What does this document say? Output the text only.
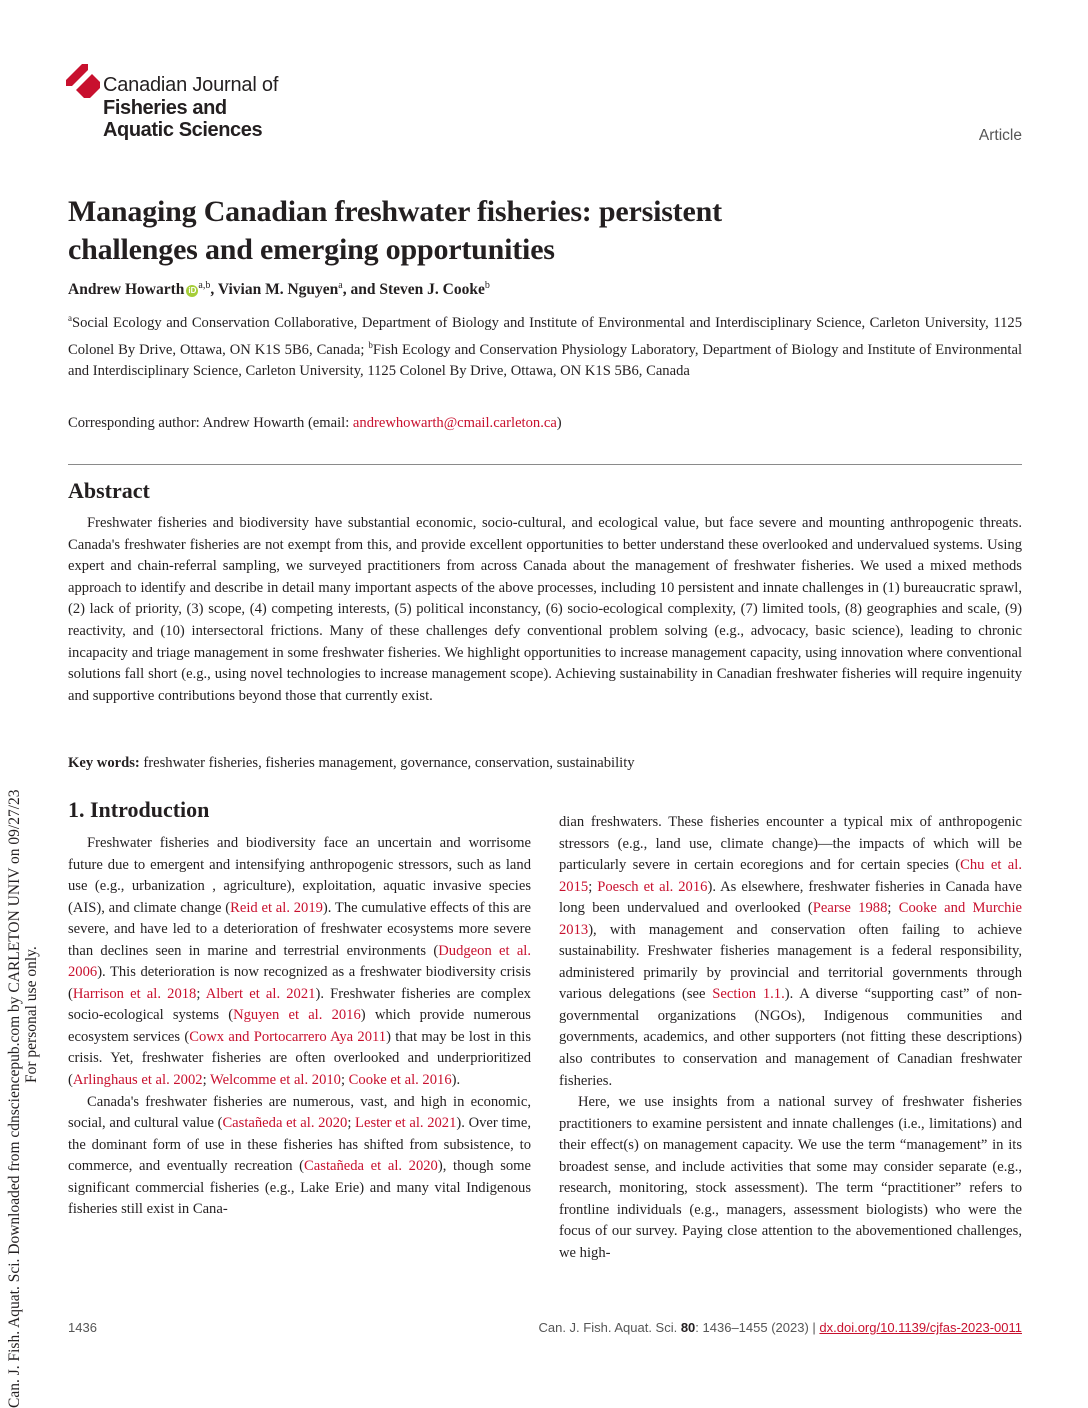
Can. J. Fish. Aquat. Sci. Downloaded from cdnsciencepub.com by CARLETON UNIV on 09/27/23 For personal use only.
Canadian Journal of
Fisheries and
Aquatic Sciences	Article
Managing Canadian freshwater fisheries: persistent
challenges and emerging opportunities
Andrew Howarth iD $^{a,b}$, Vivian M. Nguyen$^a$, and Steven J. Cooke$^b$
$^a$Social Ecology and Conservation Collaborative, Department of Biology and Institute of Environmental and Interdisciplinary Science, Carleton University, 1125 Colonel By Drive, Ottawa, ON K1S 5B6, Canada; $^b$Fish Ecology and Conservation Physiology Laboratory, Department of Biology and Institute of Environmental and Interdisciplinary Science, Carleton University, 1125 Colonel By Drive, Ottawa, ON K1S 5B6, Canada
Corresponding author: Andrew Howarth (email: andrewhowarth@cmail.carleton.ca)
Abstract

Freshwater fisheries and biodiversity have substantial economic, socio-cultural, and ecological value, but face severe and mounting anthropogenic threats. Canada's freshwater fisheries are not exempt from this, and provide excellent opportunities to better understand these overlooked and undervalued systems. Using expert and chain-referral sampling, we surveyed practitioners from across Canada about the management of freshwater fisheries. We used a mixed methods approach to identify and describe in detail many important aspects of the above processes, including 10 persistent and innate challenges in (1) bureaucratic sprawl, (2) lack of priority, (3) scope, (4) competing interests, (5) political inconstancy, (6) socio-ecological complexity, (7) limited tools, (8) geographies and scale, (9) reactivity, and (10) intersectoral frictions. Many of these challenges defy conventional problem solving (e.g., advocacy, basic science), leading to chronic incapacity and triage management in some freshwater fisheries. We highlight opportunities to increase management capacity, using innovation where conventional solutions fall short (e.g., using novel technologies to increase management scope). Achieving sustainability in Canadian freshwater fisheries will require ingenuity and supportive contributions beyond those that currently exist.

Key words: freshwater fisheries, fisheries management, governance, conservation, sustainability
1. Introduction

Freshwater fisheries and biodiversity face an uncertain and worrisome future due to emergent and intensifying anthropogenic stressors, such as land use (e.g., urbanization , agriculture), exploitation, aquatic invasive species (AIS), and climate change (Reid et al. 2019). The cumulative effects of this are severe, and have led to a deterioration of freshwater ecosystems more severe than declines seen in marine and terrestrial environments (Dudgeon et al. 2006). This deterioration is now recognized as a freshwater biodiversity crisis (Harrison et al. 2018; Albert et al. 2021). Freshwater fisheries are complex socio-ecological systems (Nguyen et al. 2016) which provide numerous ecosystem services (Cowx and Portocarrero Aya 2011) that may be lost in this crisis. Yet, freshwater fisheries are often overlooked and underprioritized (Arlinghaus et al. 2002; Welcomme et al. 2010; Cooke et al. 2016).

Canada's freshwater fisheries are numerous, vast, and high in economic, social, and cultural value (Castañeda et al. 2020; Lester et al. 2021). Over time, the dominant form of use in these fisheries has shifted from subsistence, to commerce, and eventually recreation (Castañeda et al. 2020), though some significant commercial fisheries (e.g., Lake Erie) and many vital Indigenous fisheries still exist in Cana-

dian freshwaters. These fisheries encounter a typical mix of anthropogenic stressors (e.g., land use, climate change)—the impacts of which will be particularly severe in certain ecoregions and for certain species (Chu et al. 2015; Poesch et al. 2016). As elsewhere, freshwater fisheries in Canada have long been undervalued and overlooked (Pearse 1988; Cooke and Murchie 2013), with management and conservation often failing to achieve sustainability. Freshwater fisheries management is a federal responsibility, administered primarily by provincial and territorial governments through various delegations (see Section 1.1.). A diverse “supporting cast” of non-governmental organizations (NGOs), Indigenous communities and governments, academics, and other supporters (not fitting these descriptions) also contributes to conservation and management of Canadian freshwater fisheries.

Here, we use insights from a national survey of freshwater fisheries practitioners to examine persistent and innate challenges (i.e., limitations) and their effect(s) on management capacity. We use the term “management” in its broadest sense, and include activities that some may consider separate (e.g., research, monitoring, stock assessment). The term “practitioner” refers to frontline individuals (e.g., managers, assessment biologists) who were the focus of our survey. Paying close attention to the abovementioned challenges, we high-

1436	Can. J. Fish. Aquat. Sci. 80: 1436–1455 (2023) | dx.doi.org/10.1139/cjfas-2023-0011
